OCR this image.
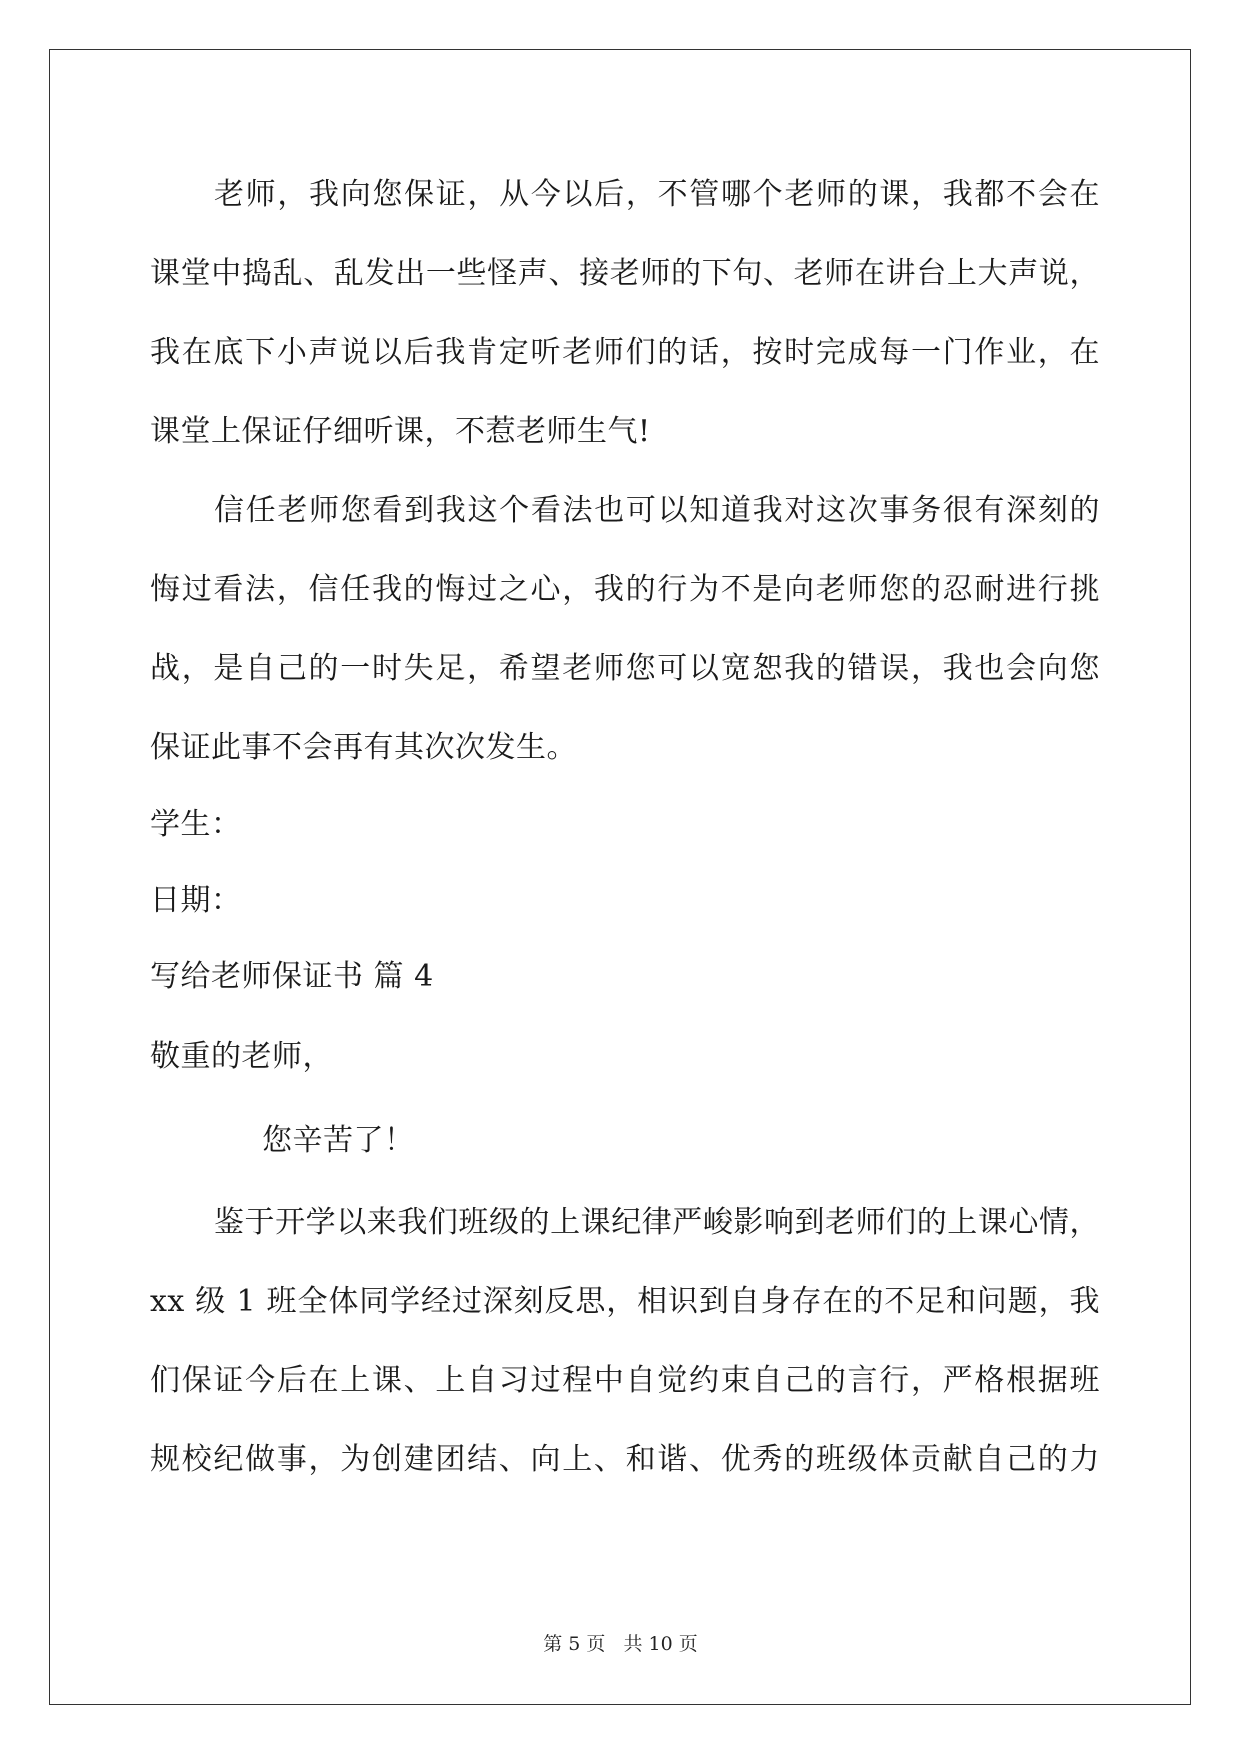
老师，我向您保证，从今以后，不管哪个老师的课，我都不会在
课堂中捣乱、乱发出一些怪声、接老师的下句、老师在讲台上大声说，
我在底下小声说以后我肯定听老师们的话，按时完成每一门作业，在
课堂上保证仔细听课，不惹老师生气!
信任老师您看到我这个看法也可以知道我对这次事务很有深刻的
悔过看法，信任我的悔过之心，我的行为不是向老师您的忍耐进行挑
战，是自己的一时失足，希望老师您可以宽恕我的错误，我也会向您
保证此事不会再有其次次发生。
学生：
日期：
写给老师保证书 篇 4
敬重的老师，
您辛苦了！
鉴于开学以来我们班级的上课纪律严峻影响到老师们的上课心情，
xx 级 1 班全体同学经过深刻反思，相识到自身存在的不足和问题，我
们保证今后在上课、上自习过程中自觉约束自己的言行，严格根据班
规校纪做事，为创建团结、向上、和谐、优秀的班级体贡献自己的力
第 5 页 共 10 页
